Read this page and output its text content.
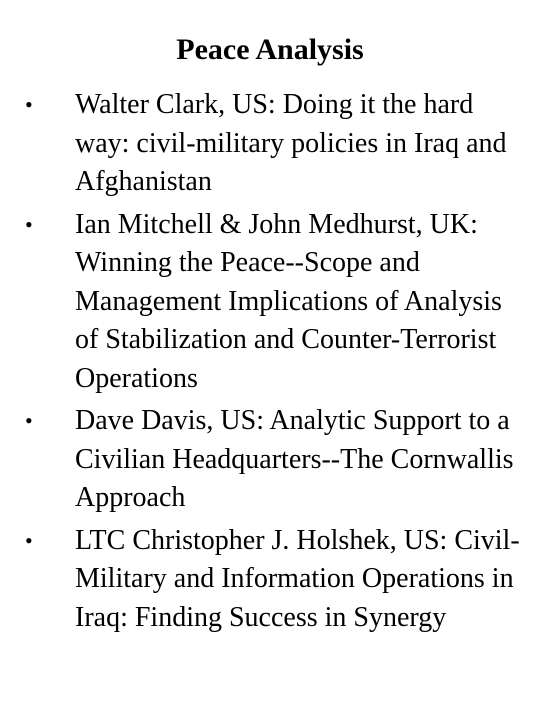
Peace Analysis
•	Walter Clark, US: Doing it the hard way: civil-military policies in Iraq and Afghanistan
•	Ian Mitchell & John Medhurst, UK: Winning the Peace--Scope and Management Implications of Analysis of Stabilization and Counter-Terrorist Operations
•	Dave Davis, US: Analytic Support to a Civilian Headquarters--The Cornwallis Approach
•	LTC Christopher J. Holshek, US: Civil-Military and Information Operations in Iraq: Finding Success in Synergy
